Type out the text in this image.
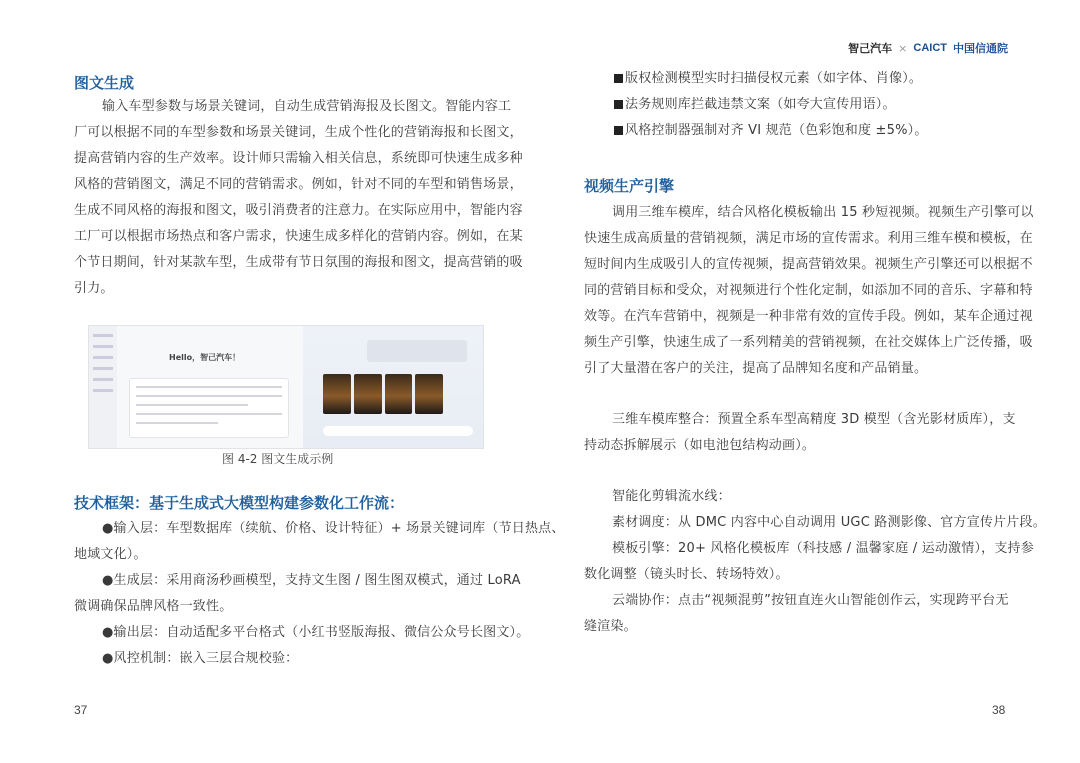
智己汽车 × CAICT 中国信通院
图文生成
输入车型参数与场景关键词，自动生成营销海报及长图文。智能内容工
厂可以根据不同的车型参数和场景关键词，生成个性化的营销海报和长图文，
提高营销内容的生产效率。设计师只需输入相关信息，系统即可快速生成多种
风格的营销图文，满足不同的营销需求。例如，针对不同的车型和销售场景，
生成不同风格的海报和图文，吸引消费者的注意力。在实际应用中，智能内容
工厂可以根据市场热点和客户需求，快速生成多样化的营销内容。例如，在某
个节日期间，针对某款车型，生成带有节日氛围的海报和图文，提高营销的吸
引力。
Hello，智己汽车！
图 4-2 图文生成示例
技术框架：基于生成式大模型构建参数化工作流：
●输入层：车型数据库（续航、价格、设计特征）+ 场景关键词库（节日热点、
地域文化）。
●生成层：采用商汤秒画模型，支持文生图 / 图生图双模式，通过 LoRA
微调确保品牌风格一致性。
●输出层：自动适配多平台格式（小红书竖版海报、微信公众号长图文）。
●风控机制：嵌入三层合规校验：
37
版权检测模型实时扫描侵权元素（如字体、肖像）。
法务规则库拦截违禁文案（如夸大宣传用语）。
风格控制器强制对齐 VI 规范（色彩饱和度 ±5%）。
视频生产引擎
调用三维车模库，结合风格化模板输出 15 秒短视频。视频生产引擎可以
快速生成高质量的营销视频，满足市场的宣传需求。利用三维车模和模板，在
短时间内生成吸引人的宣传视频，提高营销效果。视频生产引擎还可以根据不
同的营销目标和受众，对视频进行个性化定制，如添加不同的音乐、字幕和特
效等。在汽车营销中，视频是一种非常有效的宣传手段。例如，某车企通过视
频生产引擎，快速生成了一系列精美的营销视频，在社交媒体上广泛传播，吸
引了大量潜在客户的关注，提高了品牌知名度和产品销量。
三维车模库整合：预置全系车型高精度 3D 模型（含光影材质库），支
持动态拆解展示（如电池包结构动画）。
智能化剪辑流水线：
素材调度：从 DMC 内容中心自动调用 UGC 路测影像、官方宣传片片段。
模板引擎：20+ 风格化模板库（科技感 / 温馨家庭 / 运动激情），支持参
数化调整（镜头时长、转场特效）。
云端协作：点击“视频混剪”按钮直连火山智能创作云，实现跨平台无
缝渲染。
38
